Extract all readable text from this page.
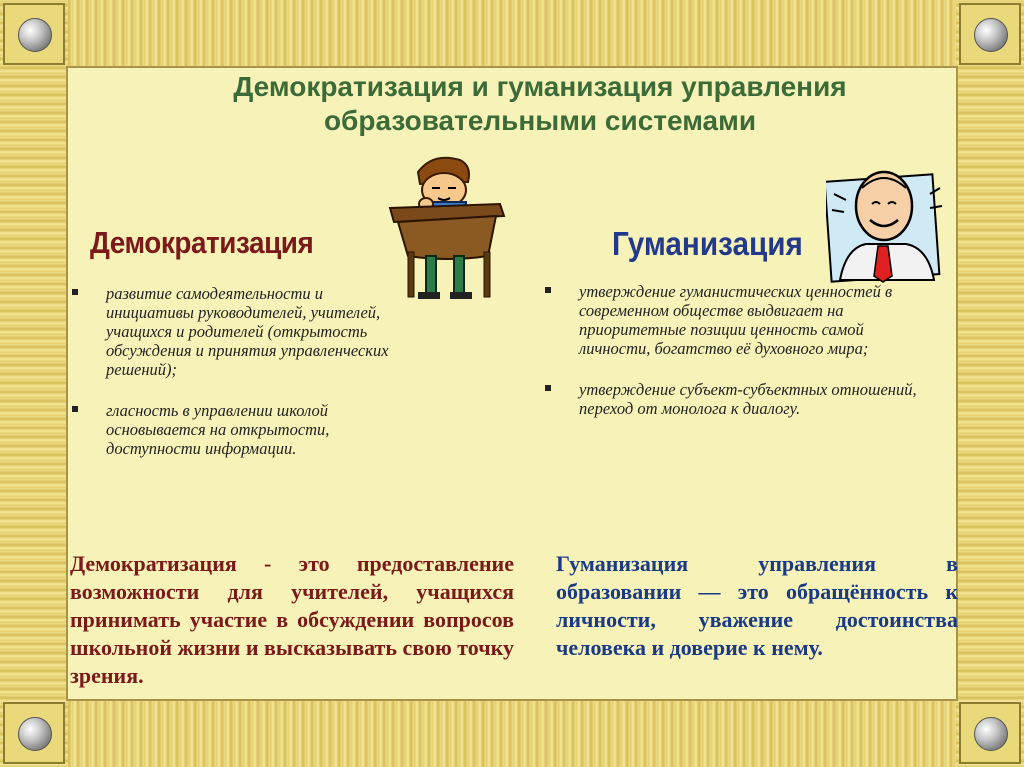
Демократизация и гуманизация управления
образовательными системами
Демократизация	Гуманизация
развитие самодеятельности и инициативы руководителей, учителей, учащихся и родителей (открытость обсуждения и принятия управленческих решений);
гласность в управлении школой основывается на открытости, доступности информации.
утверждение гуманистических ценностей в современном обществе выдвигает на приоритетные позиции ценность самой личности, богатство её духовного мира;
утверждение субъект-субъектных отношений, переход от монолога к диалогу.
Демократизация - это предоставление возможности для учителей, учащихся принимать участие в обсуждении вопросов школьной жизни и высказывать свою точку зрения.
Гуманизация управления в образовании — это обращённость к личности, уважение достоинства человека и доверие к нему.
